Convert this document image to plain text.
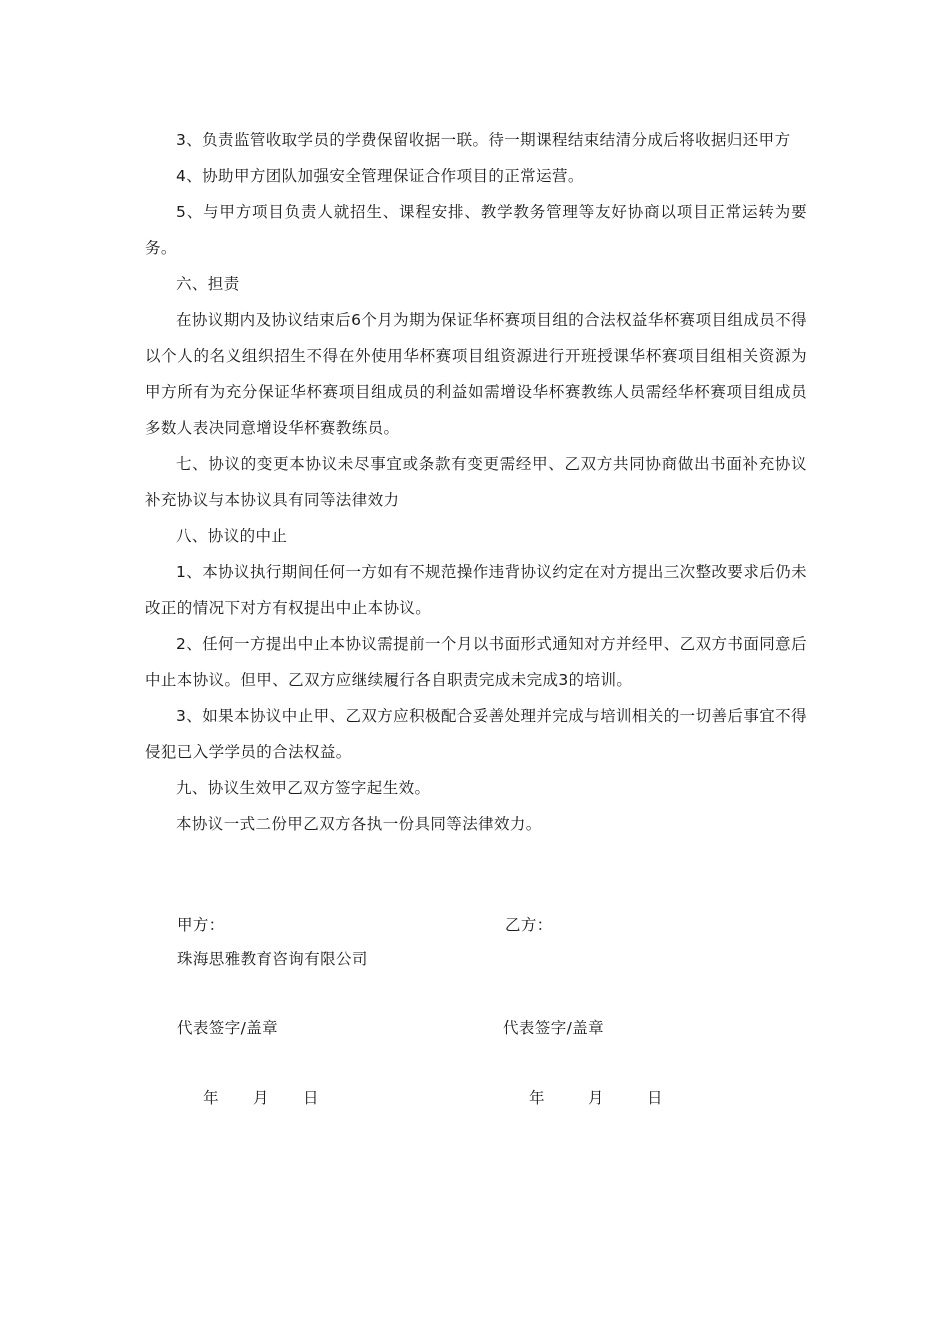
3、负责监管收取学员的学费保留收据一联。待一期课程结束结清分成后将收据归还甲方

4、协助甲方团队加强安全管理保证合作项目的正常运营。

5、与甲方项目负责人就招生、课程安排、教学教务管理等友好协商以项目正常运转为要务。

六、担责

在协议期内及协议结束后6个月为期为保证华杯赛项目组的合法权益华杯赛项目组成员不得以个人的名义组织招生不得在外使用华杯赛项目组资源进行开班授课华杯赛项目组相关资源为甲方所有为充分保证华杯赛项目组成员的利益如需增设华杯赛教练人员需经华杯赛项目组成员多数人表决同意增设华杯赛教练员。

七、协议的变更本协议未尽事宜或条款有变更需经甲、乙双方共同协商做出书面补充协议补充协议与本协议具有同等法律效力

八、协议的中止

1、本协议执行期间任何一方如有不规范操作违背协议约定在对方提出三次整改要求后仍未改正的情况下对方有权提出中止本协议。

2、任何一方提出中止本协议需提前一个月以书面形式通知对方并经甲、乙双方书面同意后中止本协议。但甲、乙双方应继续履行各自职责完成未完成3的培训。

3、如果本协议中止甲、乙双方应积极配合妥善处理并完成与培训相关的一切善后事宜不得侵犯已入学学员的合法权益。

九、协议生效甲乙双方签字起生效。

本协议一式二份甲乙双方各执一份具同等法律效力。

甲方：	乙方：
珠海思雅教育咨询有限公司
代表签字/盖章	代表签字/盖章
年 月 日	年	月	日
